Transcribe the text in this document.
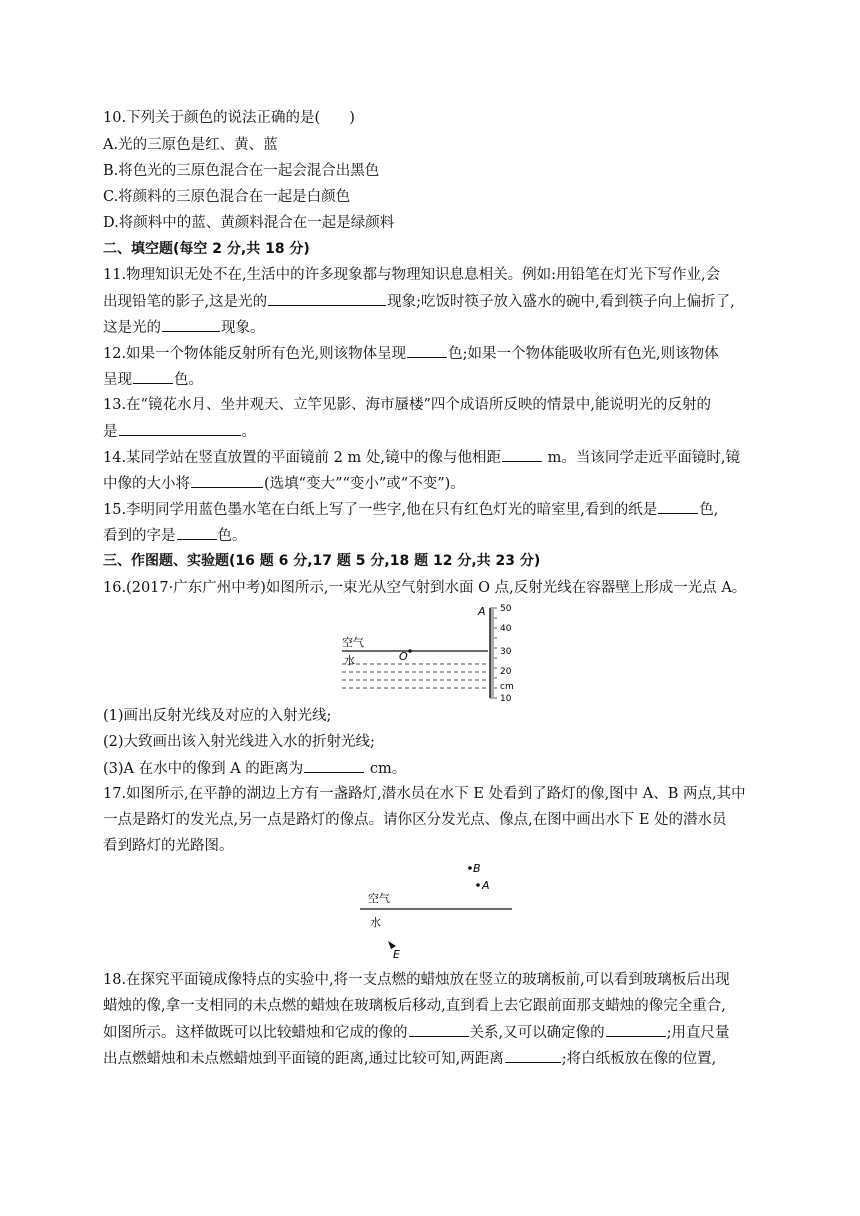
10.下列关于颜色的说法正确的是(　　)
A.光的三原色是红、黄、蓝
B.将色光的三原色混合在一起会混合出黑色
C.将颜料的三原色混合在一起是白颜色
D.将颜料中的蓝、黄颜料混合在一起是绿颜料
二、填空题(每空 2 分,共 18 分)
11.物理知识无处不在,生活中的许多现象都与物理知识息息相关。例如:用铅笔在灯光下写作业,会
出现铅笔的影子,这是光的	现象;吃饭时筷子放入盛水的碗中,看到筷子向上偏折了,
这是光的	现象。
12.如果一个物体能反射所有色光,则该物体呈现	色;如果一个物体能吸收所有色光,则该物体
呈现	色。
13.在“镜花水月、坐井观天、立竿见影、海市蜃楼”四个成语所反映的情景中,能说明光的反射的
是	。
14.某同学站在竖直放置的平面镜前 2 m 处,镜中的像与他相距	m。当该同学走近平面镜时,镜
中像的大小将	(选填“变大”“变小”或“不变”)。
15.李明同学用蓝色墨水笔在白纸上写了一些字,他在只有红色灯光的暗室里,看到的纸是	色,
看到的字是	色。
三、作图题、实验题(16 题 6 分,17 题 5 分,18 题 12 分,共 23 分)
16.(2017·广东广州中考)如图所示,一束光从空气射到水面 O 点,反射光线在容器壁上形成一光点 A。
空气
水	O
A 50
40
30
20
cm
10
(1)画出反射光线及对应的入射光线;
(2)大致画出该入射光线进入水的折射光线;
(3)A 在水中的像到 A 的距离为	cm。
17.如图所示,在平静的湖边上方有一盏路灯,潜水员在水下 E 处看到了路灯的像,图中 A、B 两点,其中
一点是路灯的发光点,另一点是路灯的像点。请你区分发光点、像点,在图中画出水下 E 处的潜水员
看到路灯的光路图。
空气
水
B
A
E
18.在探究平面镜成像特点的实验中,将一支点燃的蜡烛放在竖立的玻璃板前,可以看到玻璃板后出现
蜡烛的像,拿一支相同的未点燃的蜡烛在玻璃板后移动,直到看上去它跟前面那支蜡烛的像完全重合,
如图所示。这样做既可以比较蜡烛和它成的像的	关系,又可以确定像的	;用直尺量
出点燃蜡烛和未点燃蜡烛到平面镜的距离,通过比较可知,两距离	;将白纸板放在像的位置,
